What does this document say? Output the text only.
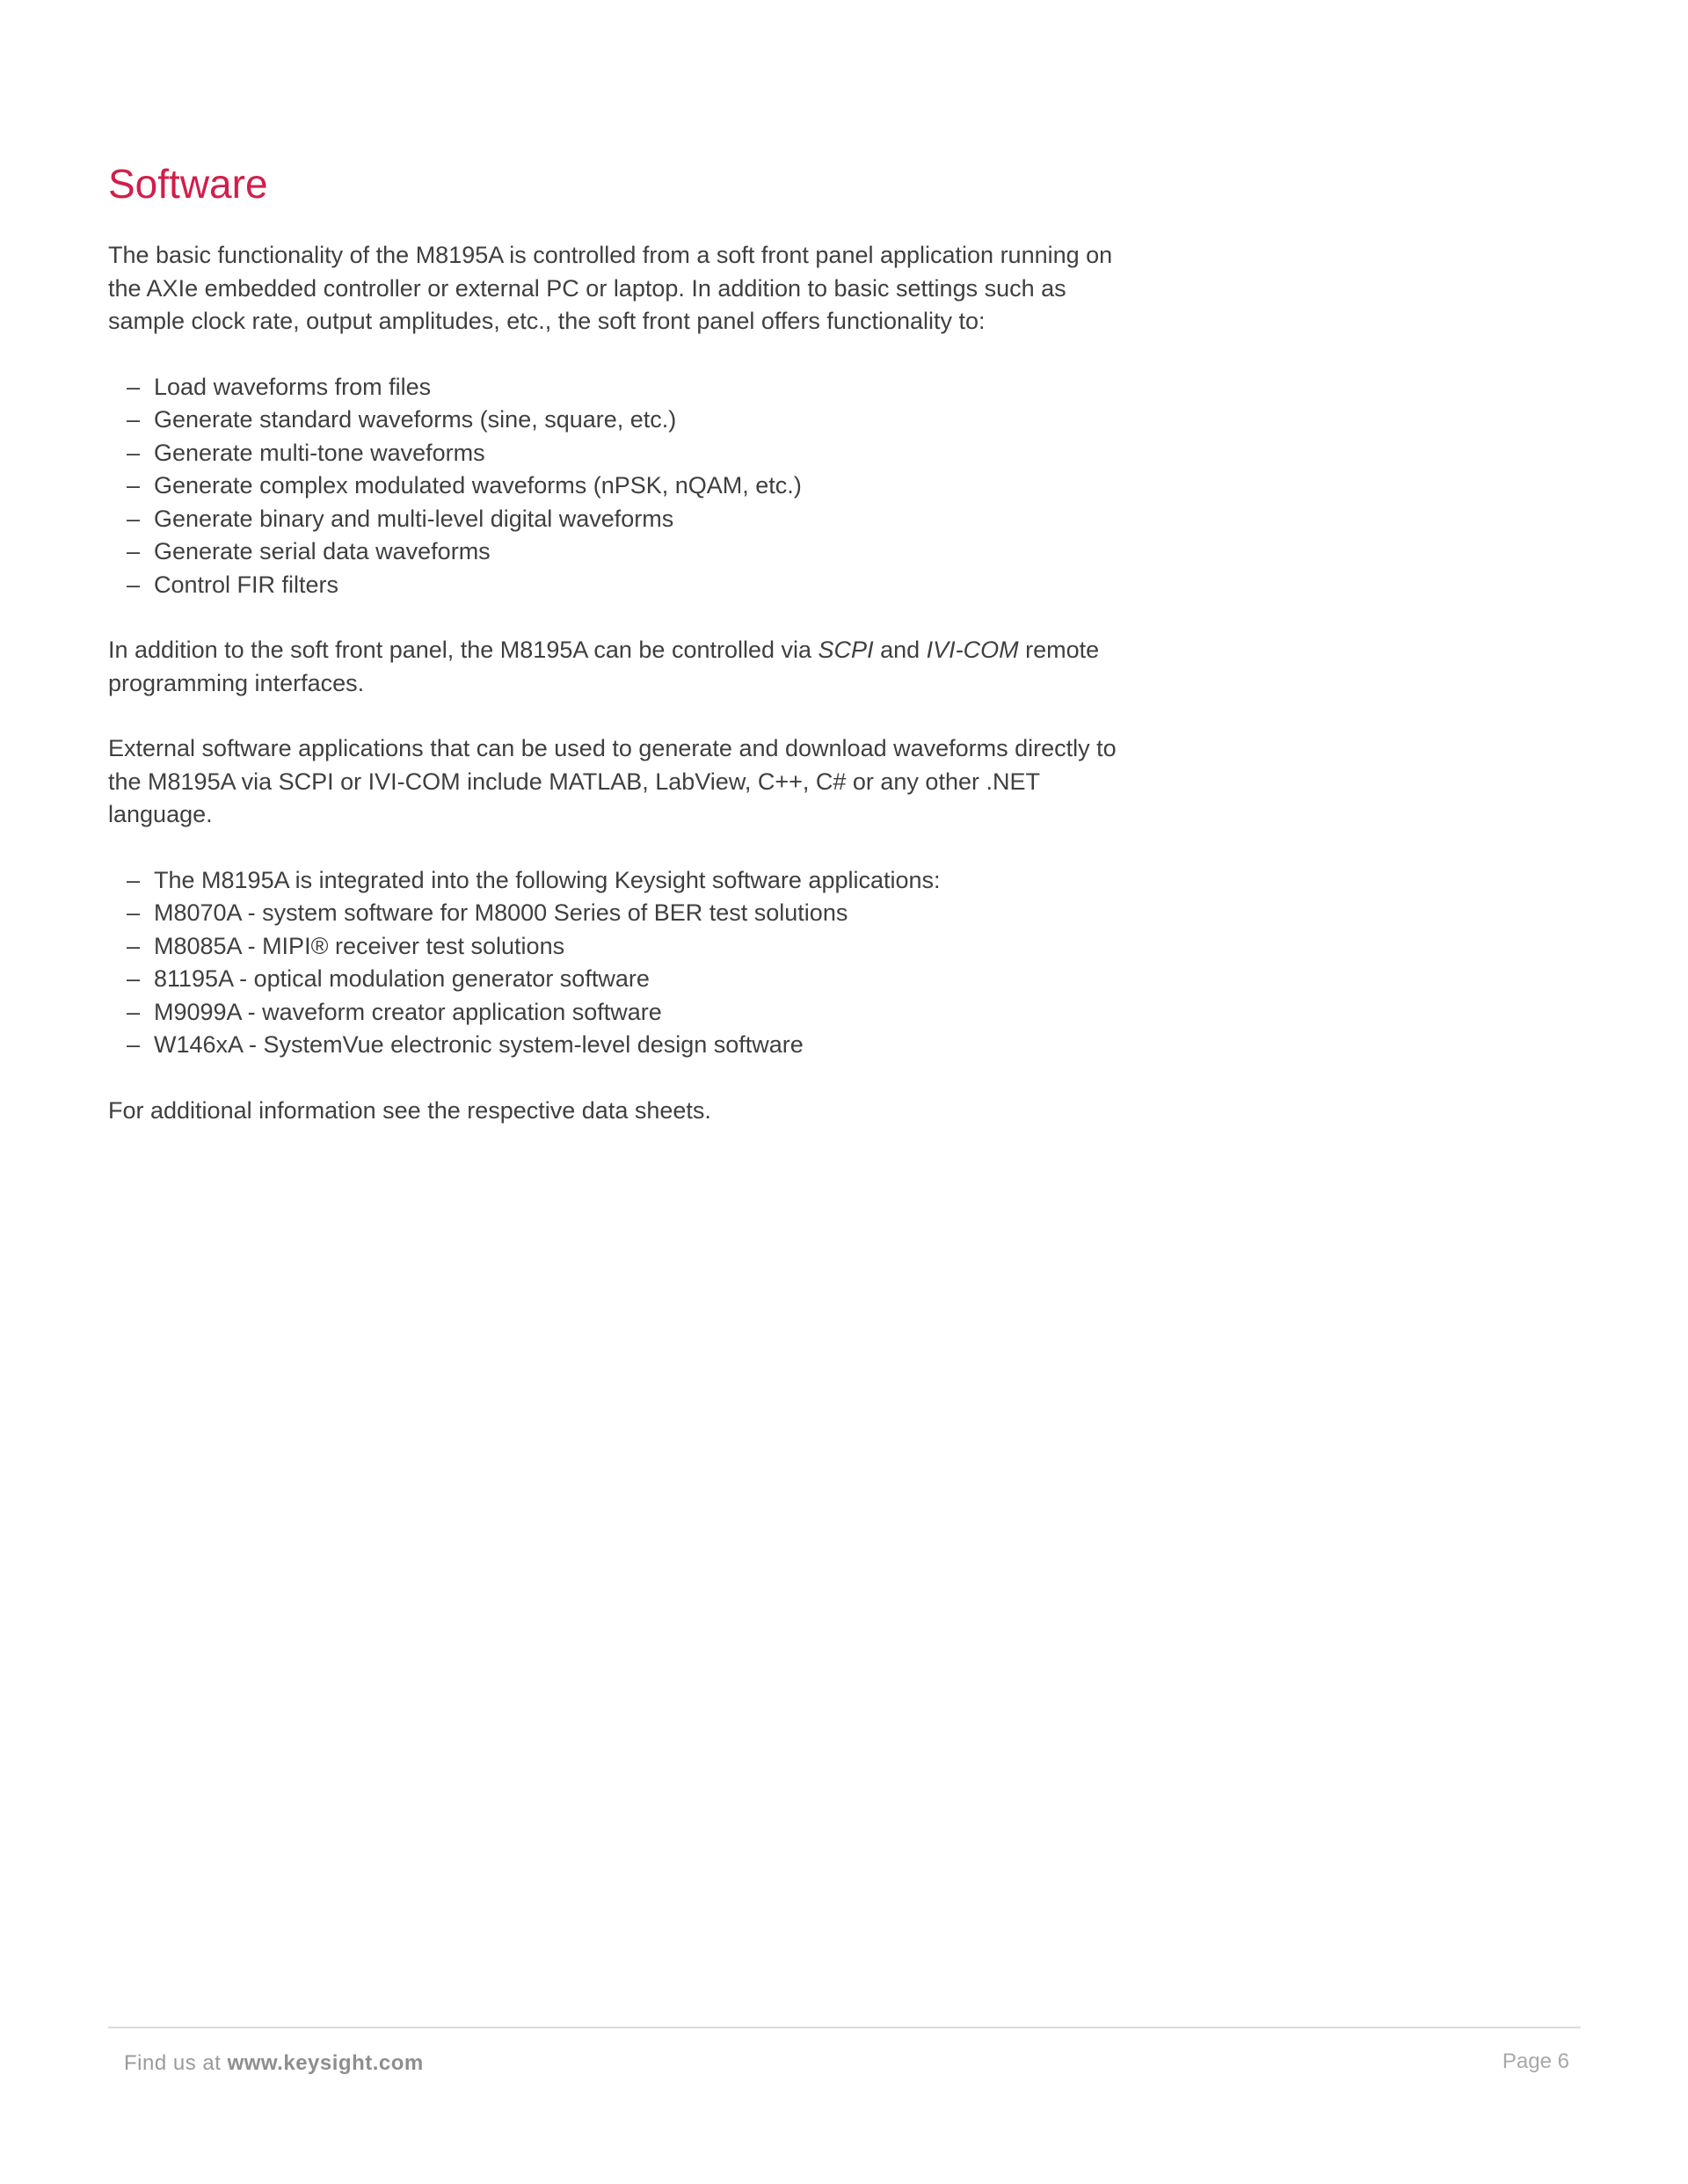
Software

The basic functionality of the M8195A is controlled from a soft front panel application running on the AXIe embedded controller or external PC or laptop. In addition to basic settings such as sample clock rate, output amplitudes, etc., the soft front panel offers functionality to:

– Load waveforms from files
– Generate standard waveforms (sine, square, etc.)
– Generate multi-tone waveforms
– Generate complex modulated waveforms (nPSK, nQAM, etc.)
– Generate binary and multi-level digital waveforms
– Generate serial data waveforms
– Control FIR filters

In addition to the soft front panel, the M8195A can be controlled via SCPI and IVI-COM remote programming interfaces.

External software applications that can be used to generate and download waveforms directly to the M8195A via SCPI or IVI-COM include MATLAB, LabView, C++, C# or any other .NET language.

– The M8195A is integrated into the following Keysight software applications:
– M8070A - system software for M8000 Series of BER test solutions
– M8085A - MIPI® receiver test solutions
– 81195A - optical modulation generator software
– M9099A - waveform creator application software
– W146xA - SystemVue electronic system-level design software

For additional information see the respective data sheets.

Find us at www.keysight.com	Page 6
